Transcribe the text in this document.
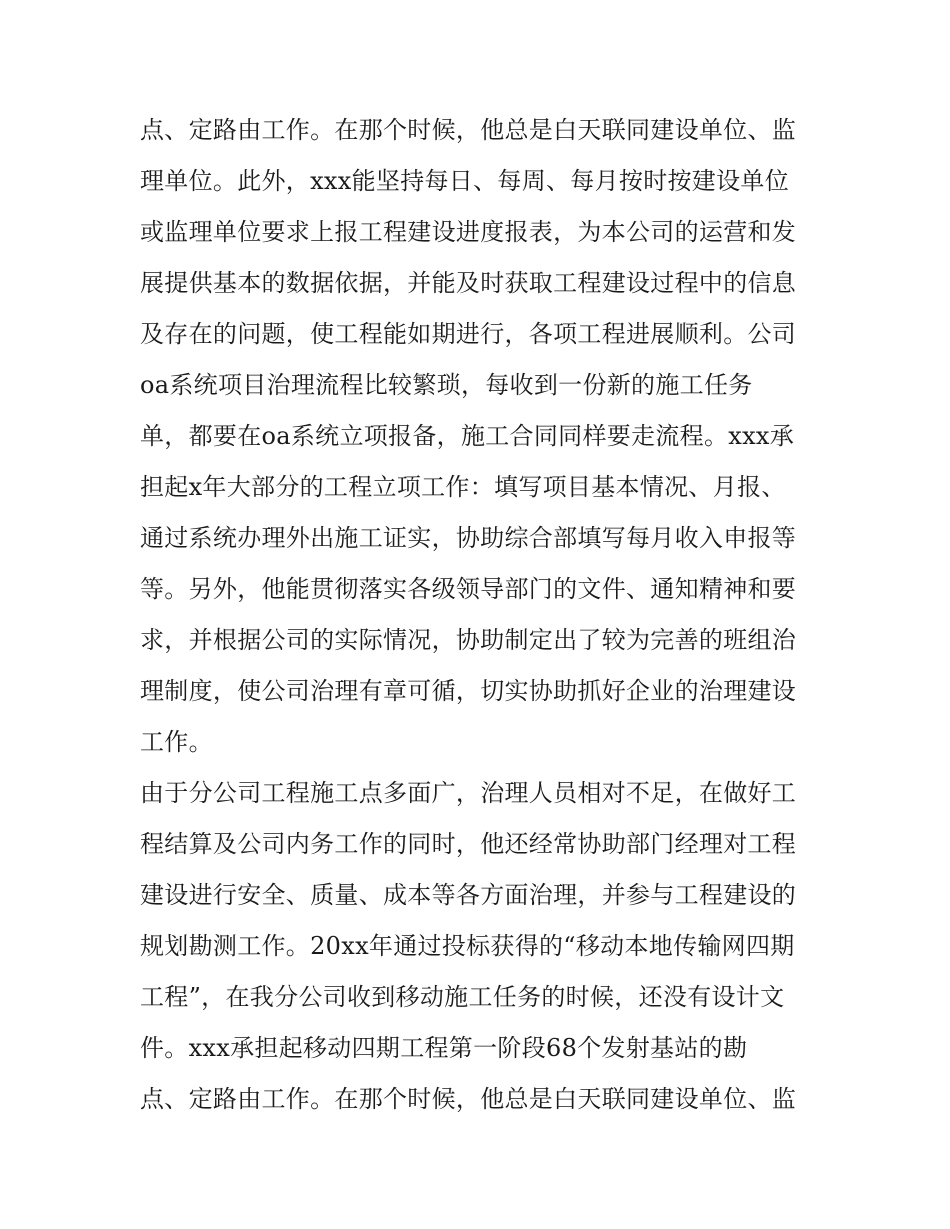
点、定路由工作。在那个时候，他总是白天联同建设单位、监
理单位。此外，xxx能坚持每日、每周、每月按时按建设单位
或监理单位要求上报工程建设进度报表，为本公司的运营和发
展提供基本的数据依据，并能及时获取工程建设过程中的信息
及存在的问题，使工程能如期进行，各项工程进展顺利。公司
oa系统项目治理流程比较繁琐，每收到一份新的施工任务
单，都要在oa系统立项报备，施工合同同样要走流程。xxx承
担起x年大部分的工程立项工作：填写项目基本情况、月报、
通过系统办理外出施工证实，协助综合部填写每月收入申报等
等。另外，他能贯彻落实各级领导部门的文件、通知精神和要
求，并根据公司的实际情况，协助制定出了较为完善的班组治
理制度，使公司治理有章可循，切实协助抓好企业的治理建设
工作。
由于分公司工程施工点多面广，治理人员相对不足，在做好工
程结算及公司内务工作的同时，他还经常协助部门经理对工程
建设进行安全、质量、成本等各方面治理，并参与工程建设的
规划勘测工作。20xx年通过投标获得的“移动本地传输网四期
工程”，在我分公司收到移动施工任务的时候，还没有设计文
件。xxx承担起移动四期工程第一阶段68个发射基站的勘
点、定路由工作。在那个时候，他总是白天联同建设单位、监
